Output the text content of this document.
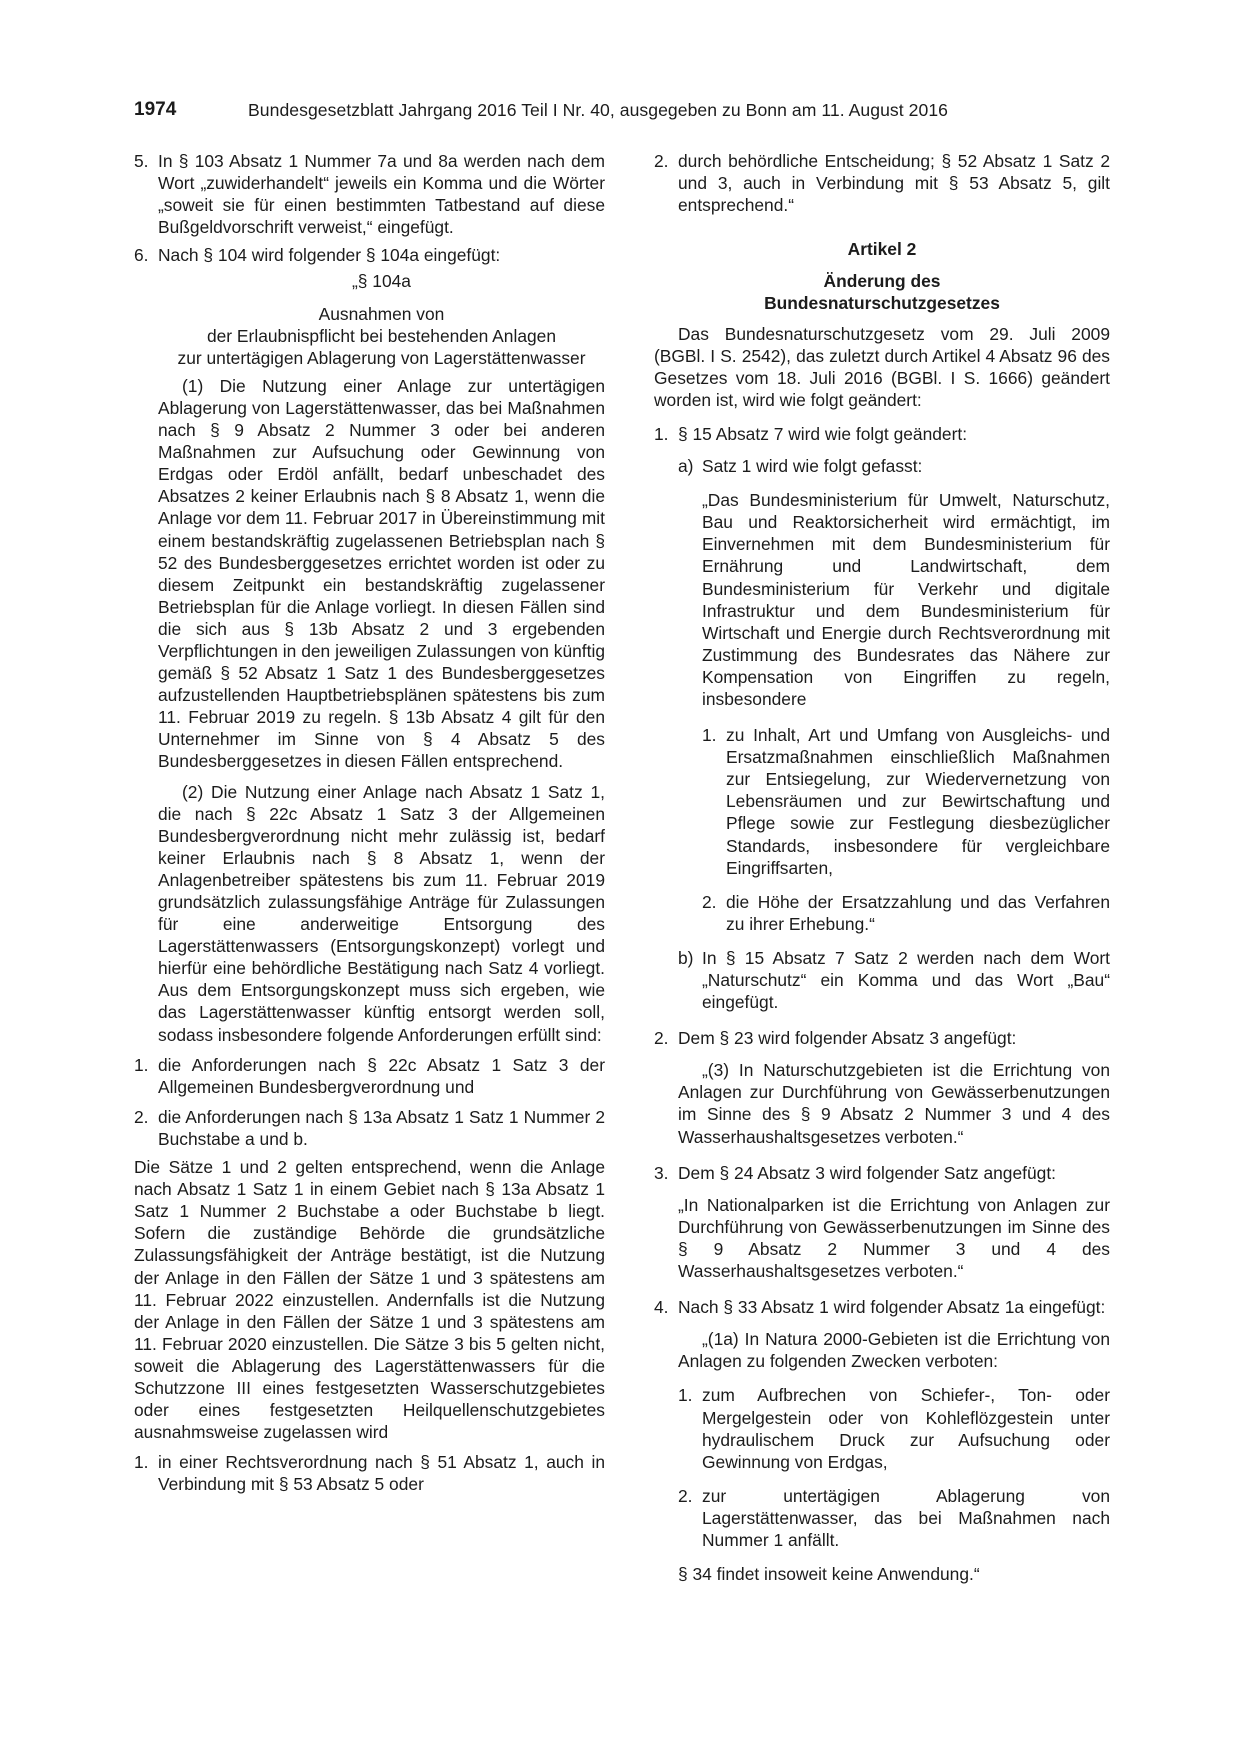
1974	Bundesgesetzblatt Jahrgang 2016 Teil I Nr. 40, ausgegeben zu Bonn am 11. August 2016
5. In § 103 Absatz 1 Nummer 7a und 8a werden nach dem Wort „zuwiderhandelt“ jeweils ein Komma und die Wörter „soweit sie für einen bestimmten Tatbestand auf diese Bußgeldvorschrift verweist,“ eingefügt.
6. Nach § 104 wird folgender § 104a eingefügt:
„§ 104a
Ausnahmen von
der Erlaubnispflicht bei bestehenden Anlagen
zur untertägigen Ablagerung von Lagerstättenwasser

(1) Die Nutzung einer Anlage zur untertägigen Ablagerung von Lagerstättenwasser, das bei Maßnahmen nach § 9 Absatz 2 Nummer 3 oder bei anderen Maßnahmen zur Aufsuchung oder Gewinnung von Erdgas oder Erdöl anfällt, bedarf unbeschadet des Absatzes 2 keiner Erlaubnis nach § 8 Absatz 1, wenn die Anlage vor dem 11. Februar 2017 in Übereinstimmung mit einem bestandskräftig zugelassenen Betriebsplan nach § 52 des Bundesberggesetzes errichtet worden ist oder zu diesem Zeitpunkt ein bestandskräftig zugelassener Betriebsplan für die Anlage vorliegt. In diesen Fällen sind die sich aus § 13b Absatz 2 und 3 ergebenden Verpflichtungen in den jeweiligen Zulassungen von künftig gemäß § 52 Absatz 1 Satz 1 des Bundesberggesetzes aufzustellenden Hauptbetriebsplänen spätestens bis zum 11. Februar 2019 zu regeln. § 13b Absatz 4 gilt für den Unternehmer im Sinne von § 4 Absatz 5 des Bundesberggesetzes in diesen Fällen entsprechend.

(2) Die Nutzung einer Anlage nach Absatz 1 Satz 1, die nach § 22c Absatz 1 Satz 3 der Allgemeinen Bundesbergverordnung nicht mehr zulässig ist, bedarf keiner Erlaubnis nach § 8 Absatz 1, wenn der Anlagenbetreiber spätestens bis zum 11. Februar 2019 grundsätzlich zulassungsfähige Anträge für Zulassungen für eine anderweitige Entsorgung des Lagerstättenwassers (Entsorgungskonzept) vorlegt und hierfür eine behördliche Bestätigung nach Satz 4 vorliegt. Aus dem Entsorgungskonzept muss sich ergeben, wie das Lagerstättenwasser künftig entsorgt werden soll, sodass insbesondere folgende Anforderungen erfüllt sind:

1. die Anforderungen nach § 22c Absatz 1 Satz 3 der Allgemeinen Bundesbergverordnung und
2. die Anforderungen nach § 13a Absatz 1 Satz 1 Nummer 2 Buchstabe a und b.

Die Sätze 1 und 2 gelten entsprechend, wenn die Anlage nach Absatz 1 Satz 1 in einem Gebiet nach § 13a Absatz 1 Satz 1 Nummer 2 Buchstabe a oder Buchstabe b liegt. Sofern die zuständige Behörde die grundsätzliche Zulassungsfähigkeit der Anträge bestätigt, ist die Nutzung der Anlage in den Fällen der Sätze 1 und 3 spätestens am 11. Februar 2022 einzustellen. Andernfalls ist die Nutzung der Anlage in den Fällen der Sätze 1 und 3 spätestens am 11. Februar 2020 einzustellen. Die Sätze 3 bis 5 gelten nicht, soweit die Ablagerung des Lagerstättenwassers für die Schutzzone III eines festgesetzten Wasserschutzgebietes oder eines festgesetzten Heilquellenschutzgebietes ausnahmsweise zugelassen wird

1. in einer Rechtsverordnung nach § 51 Absatz 1, auch in Verbindung mit § 53 Absatz 5 oder
2. durch behördliche Entscheidung; § 52 Absatz 1 Satz 2 und 3, auch in Verbindung mit § 53 Absatz 5, gilt entsprechend.“
Artikel 2
Änderung des
Bundesnaturschutzgesetzes

Das Bundesnaturschutzgesetz vom 29. Juli 2009 (BGBl. I S. 2542), das zuletzt durch Artikel 4 Absatz 96 des Gesetzes vom 18. Juli 2016 (BGBl. I S. 1666) geändert worden ist, wird wie folgt geändert:

1. § 15 Absatz 7 wird wie folgt geändert:
a) Satz 1 wird wie folgt gefasst:

„Das Bundesministerium für Umwelt, Naturschutz, Bau und Reaktorsicherheit wird ermächtigt, im Einvernehmen mit dem Bundesministerium für Ernährung und Landwirtschaft, dem Bundesministerium für Verkehr und digitale Infrastruktur und dem Bundesministerium für Wirtschaft und Energie durch Rechtsverordnung mit Zustimmung des Bundesrates das Nähere zur Kompensation von Eingriffen zu regeln, insbesondere

1. zu Inhalt, Art und Umfang von Ausgleichs- und Ersatzmaßnahmen einschließlich Maßnahmen zur Entsiegelung, zur Wiedervernetzung von Lebensräumen und zur Bewirtschaftung und Pflege sowie zur Festlegung diesbezüglicher Standards, insbesondere für vergleichbare Eingriffsarten,
2. die Höhe der Ersatzzahlung und das Verfahren zu ihrer Erhebung.“
b) In § 15 Absatz 7 Satz 2 werden nach dem Wort „Naturschutz“ ein Komma und das Wort „Bau“ eingefügt.
2. Dem § 23 wird folgender Absatz 3 angefügt:

„(3) In Naturschutzgebieten ist die Errichtung von Anlagen zur Durchführung von Gewässerbenutzungen im Sinne des § 9 Absatz 2 Nummer 3 und 4 des Wasserhaushaltsgesetzes verboten.“

3. Dem § 24 Absatz 3 wird folgender Satz angefügt:

„In Nationalparken ist die Errichtung von Anlagen zur Durchführung von Gewässerbenutzungen im Sinne des § 9 Absatz 2 Nummer 3 und 4 des Wasserhaushaltsgesetzes verboten.“

4. Nach § 33 Absatz 1 wird folgender Absatz 1a eingefügt:

„(1a) In Natura 2000-Gebieten ist die Errichtung von Anlagen zu folgenden Zwecken verboten:

1. zum Aufbrechen von Schiefer-, Ton- oder Mergelgestein oder von Kohleflözgestein unter hydraulischem Druck zur Aufsuchung oder Gewinnung von Erdgas,
2. zur untertägigen Ablagerung von Lagerstättenwasser, das bei Maßnahmen nach Nummer 1 anfällt.

§ 34 findet insoweit keine Anwendung.“
